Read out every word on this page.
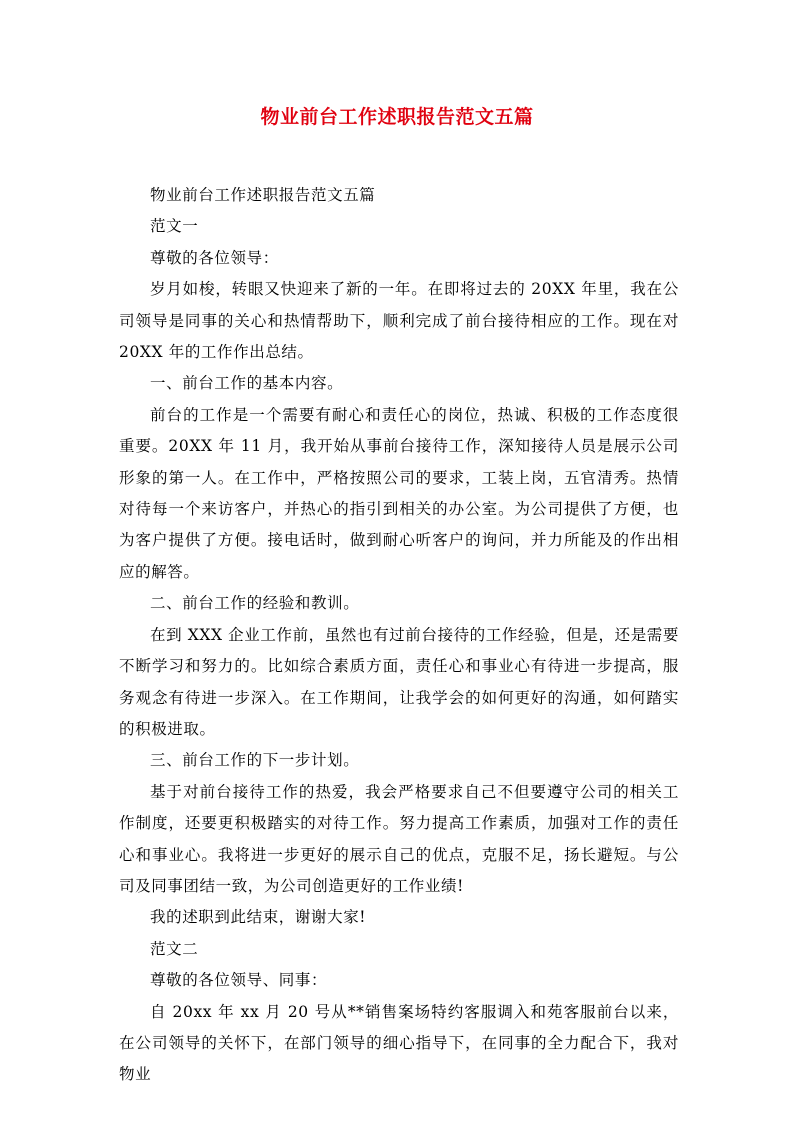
物业前台工作述职报告范文五篇

物业前台工作述职报告范文五篇

范文一

尊敬的各位领导：

岁月如梭，转眼又快迎来了新的一年。在即将过去的 20XX 年里，我在公司领导是同事的关心和热情帮助下，顺利完成了前台接待相应的工作。现在对 20XX 年的工作作出总结。

一、前台工作的基本内容。

前台的工作是一个需要有耐心和责任心的岗位，热诚、积极的工作态度很重要。20XX 年 11 月，我开始从事前台接待工作，深知接待人员是展示公司形象的第一人。在工作中，严格按照公司的要求，工装上岗，五官清秀。热情对待每一个来访客户，并热心的指引到相关的办公室。为公司提供了方便，也为客户提供了方便。接电话时，做到耐心听客户的询问，并力所能及的作出相应的解答。

二、前台工作的经验和教训。

在到 XXX 企业工作前，虽然也有过前台接待的工作经验，但是，还是需要不断学习和努力的。比如综合素质方面，责任心和事业心有待进一步提高，服务观念有待进一步深入。在工作期间，让我学会的如何更好的沟通，如何踏实的积极进取。

三、前台工作的下一步计划。

基于对前台接待工作的热爱，我会严格要求自己不但要遵守公司的相关工作制度，还要更积极踏实的对待工作。努力提高工作素质，加强对工作的责任心和事业心。我将进一步更好的展示自己的优点，克服不足，扬长避短。与公司及同事团结一致，为公司创造更好的工作业绩!

我的述职到此结束，谢谢大家!

范文二

尊敬的各位领导、同事：

自 20xx 年 xx 月 20 号从**销售案场特约客服调入和苑客服前台以来，在公司领导的关怀下，在部门领导的细心指导下，在同事的全力配合下，我对物业
